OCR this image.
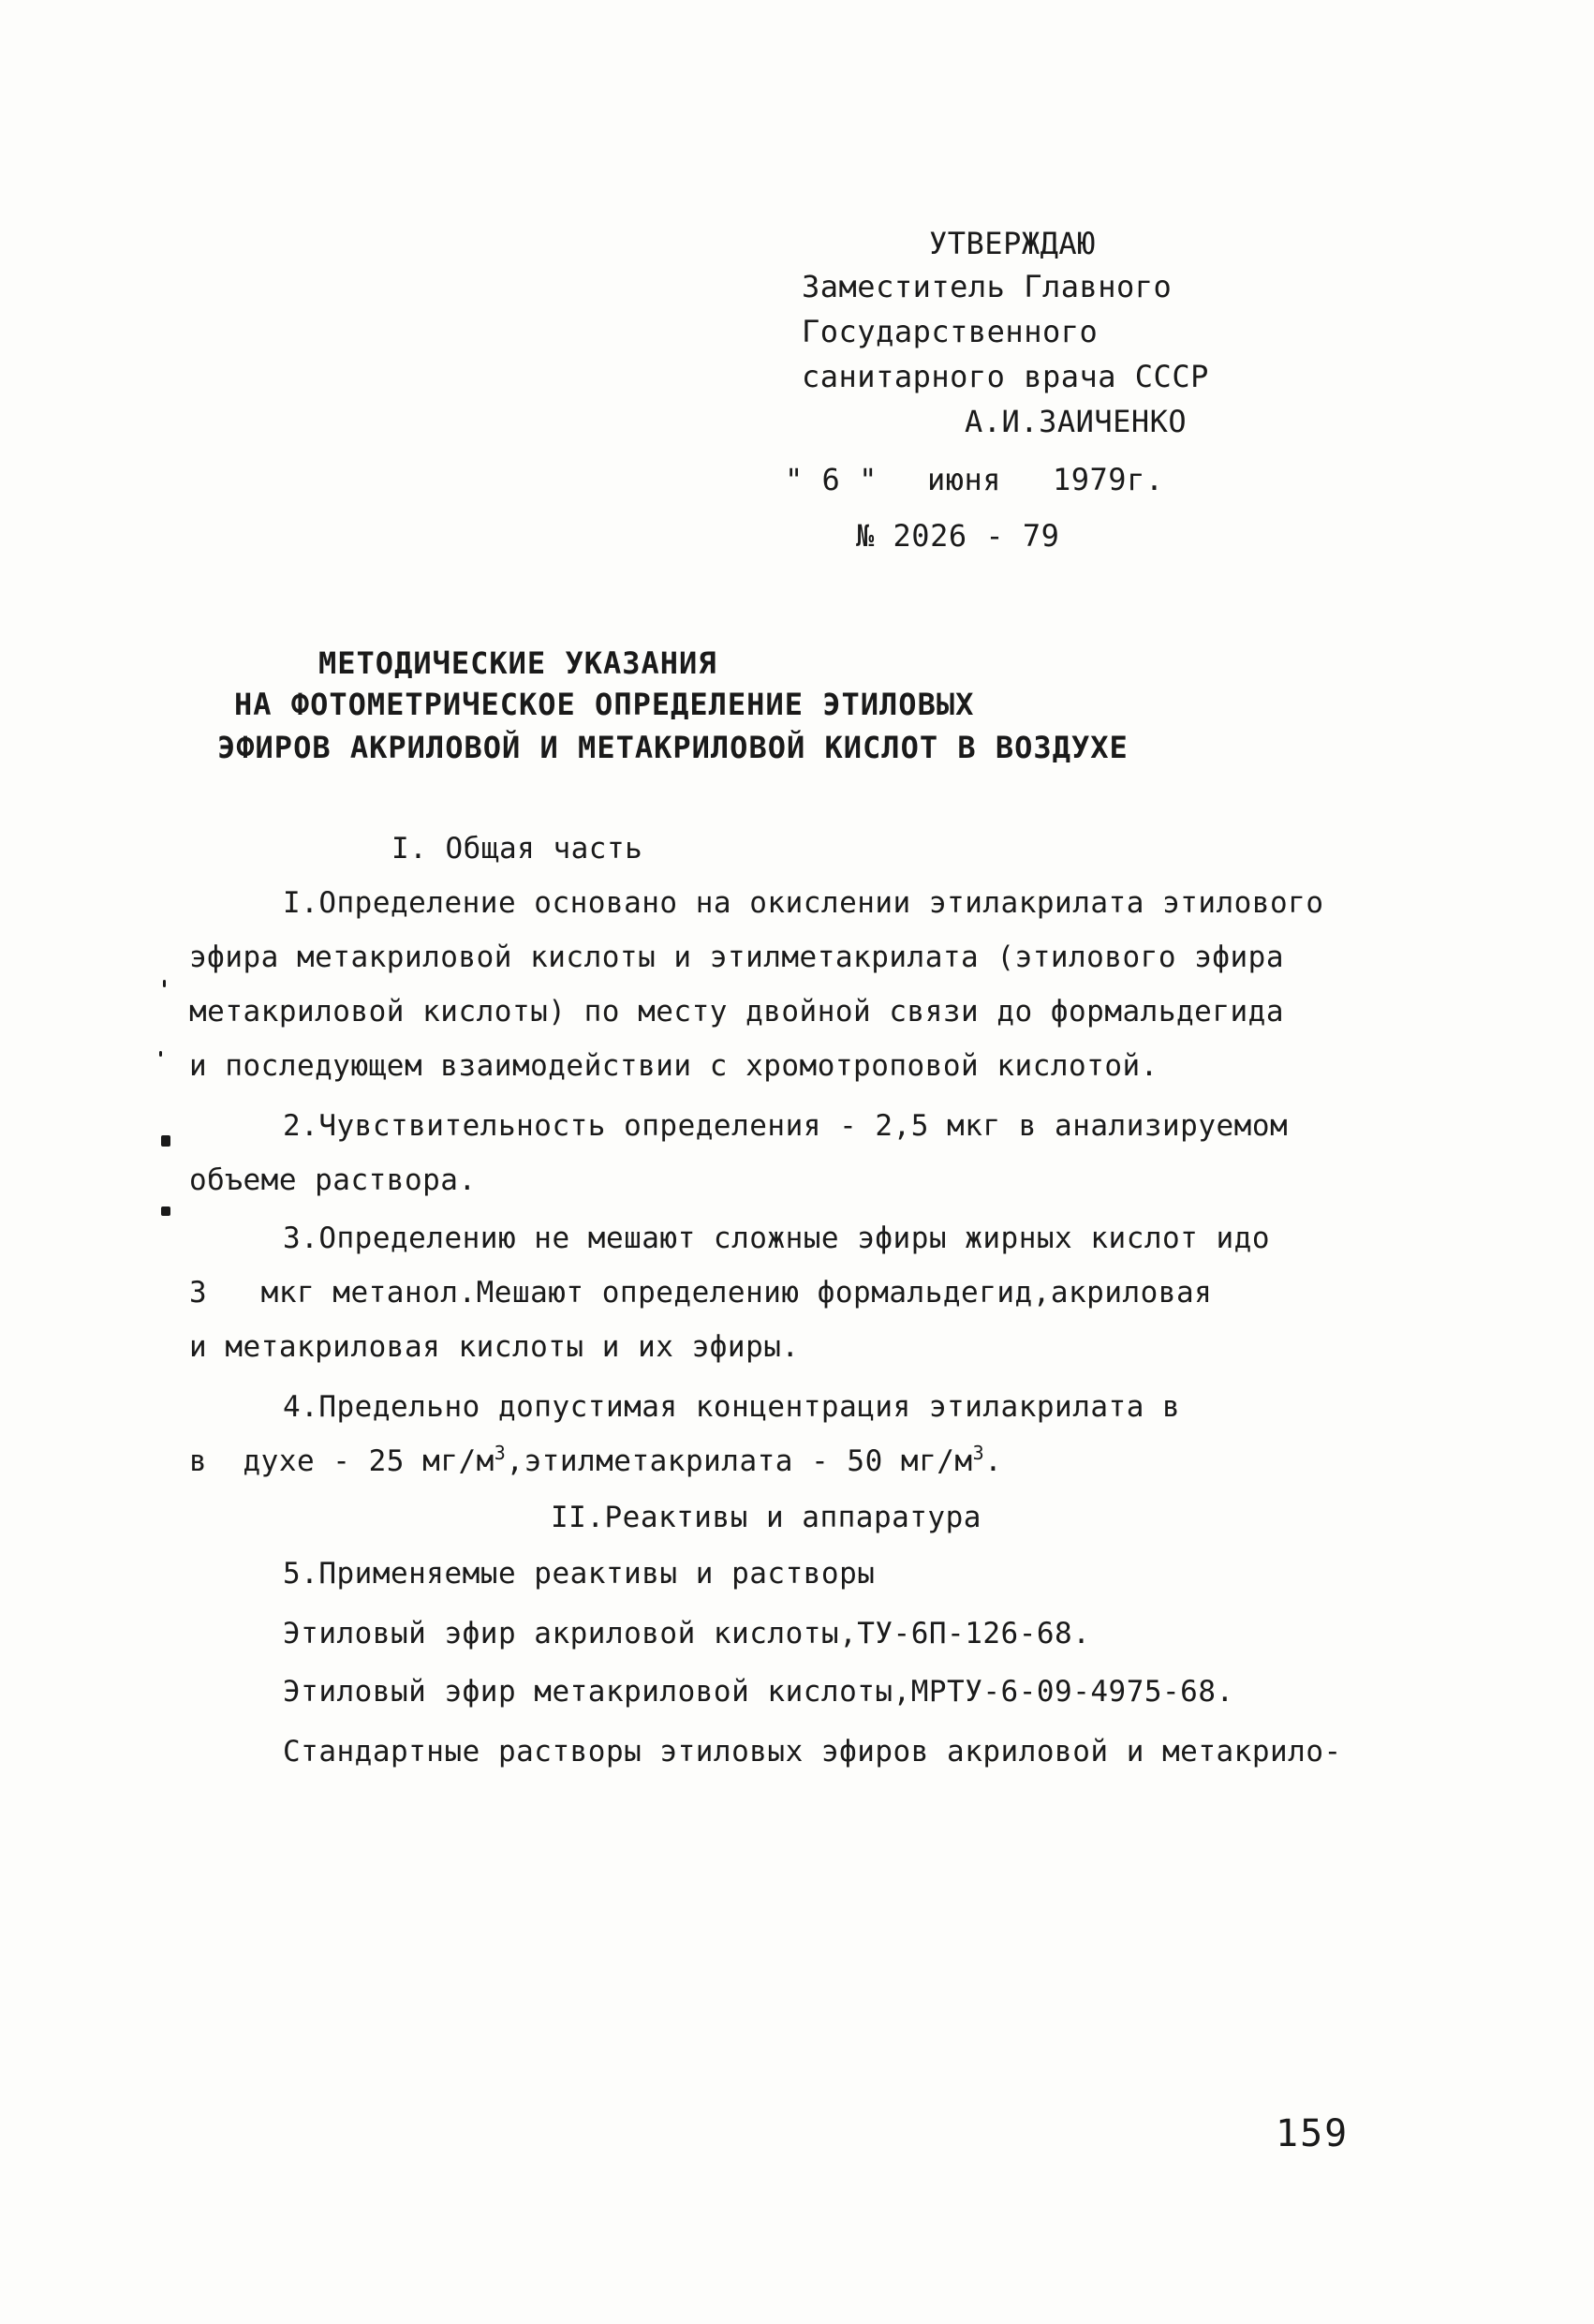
УТВЕРЖДАЮ
Заместитель Главного
Государственного
санитарного врача СССР
А.И.ЗАИЧЕНКО
" 6 " июня 1979г.
№ 2026 - 79
МЕТОДИЧЕСКИЕ УКАЗАНИЯ
НА ФОТОМЕТРИЧЕСКОЕ ОПРЕДЕЛЕНИЕ ЭТИЛОВЫХ
ЭФИРОВ АКРИЛОВОЙ И МЕТАКРИЛОВОЙ КИСЛОТ В ВОЗДУХЕ
I. Общая часть
I.Определение основано на окислении этилакрилата этилового
эфира метакриловой кислоты и этилметакрилата (этилового эфира
метакриловой кислоты) по месту двойной связи до формальдегида
и последующем взаимодействии с хромотроповой кислотой.
2.Чувствительность определения - 2,5 мкг в анализируемом
объеме раствора.
3.Определению не мешают сложные эфиры жирных кислот идо
3   мкг метанол.Мешают определению формальдегид,акриловая
и метакриловая кислоты и их эфиры.
4.Предельно допустимая концентрация этилакрилата в
в  духе - 25 $мг/м^3,этилметакрилата - 50$ $мг/м^3$.
II.Реактивы и аппаратура
5.Применяемые реактивы и растворы
Этиловый эфир акриловой кислоты,ТУ-6П-126-68.
Этиловый эфир метакриловой кислоты,МРТУ-6-09-4975-68.
Стандартные растворы этиловых эфиров акриловой и метакрило-
159
